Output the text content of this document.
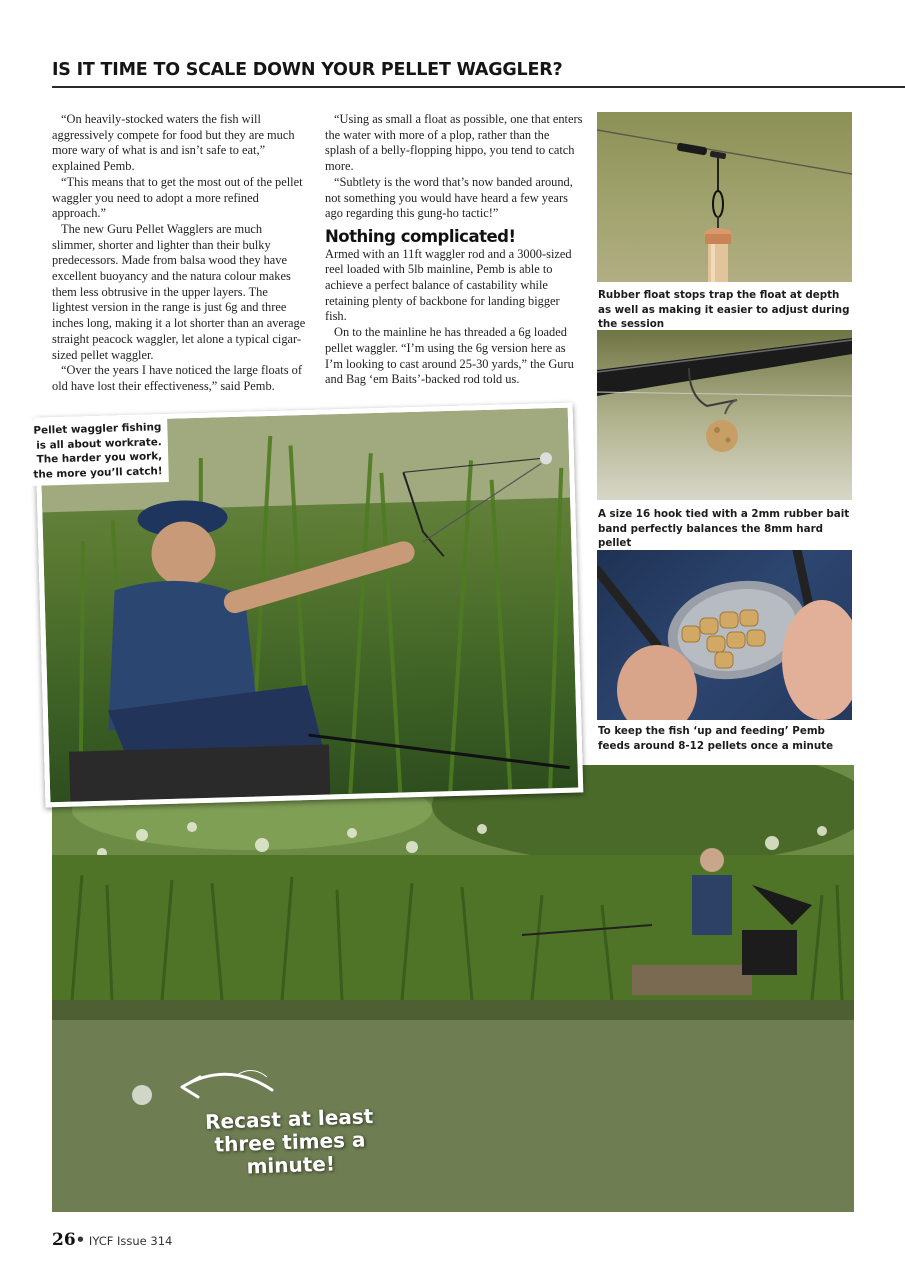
IS IT TIME TO SCALE DOWN YOUR PELLET WAGGLER?

“On heavily-stocked waters the fish will aggressively compete for food but they are much more wary of what is and isn’t safe to eat,” explained Pemb.

“This means that to get the most out of the pellet waggler you need to adopt a more refined approach.”

The new Guru Pellet Wagglers are much slimmer, shorter and lighter than their bulky predecessors. Made from balsa wood they have excellent buoyancy and the natura colour makes them less obtrusive in the upper layers. The lightest version in the range is just 6g and three inches long, making it a lot shorter than an average straight peacock waggler, let alone a typical cigar-sized pellet waggler.

“Over the years I have noticed the large floats of old have lost their effectiveness,” said Pemb.

“Using as small a float as possible, one that enters the water with more of a plop, rather than the splash of a belly-flopping hippo, you tend to catch more.

“Subtlety is the word that’s now banded around, not something you would have heard a few years ago regarding this gung-ho tactic!”

Nothing complicated!

Armed with an 11ft waggler rod and a 3000-sized reel loaded with 5lb mainline, Pemb is able to achieve a perfect balance of castability while retaining plenty of backbone for landing bigger fish.

On to the mainline he has threaded a 6g loaded pellet waggler. “I’m using the 6g version here as I’m looking to cast around 25-30 yards,” the Guru and Bag ‘em Baits’-backed rod told us.

Rubber float stops trap the float at depth as well as making it easier to adjust during the session
A size 16 hook tied with a 2mm rubber bait band perfectly balances the 8mm hard pellet
To keep the fish ‘up and feeding’ Pemb feeds around 8-12 pellets once a minute
Recast at least three times a minute!
Pellet waggler fishing is all about workrate. The harder you work, the more you’ll catch!
26• IYCF Issue 314
